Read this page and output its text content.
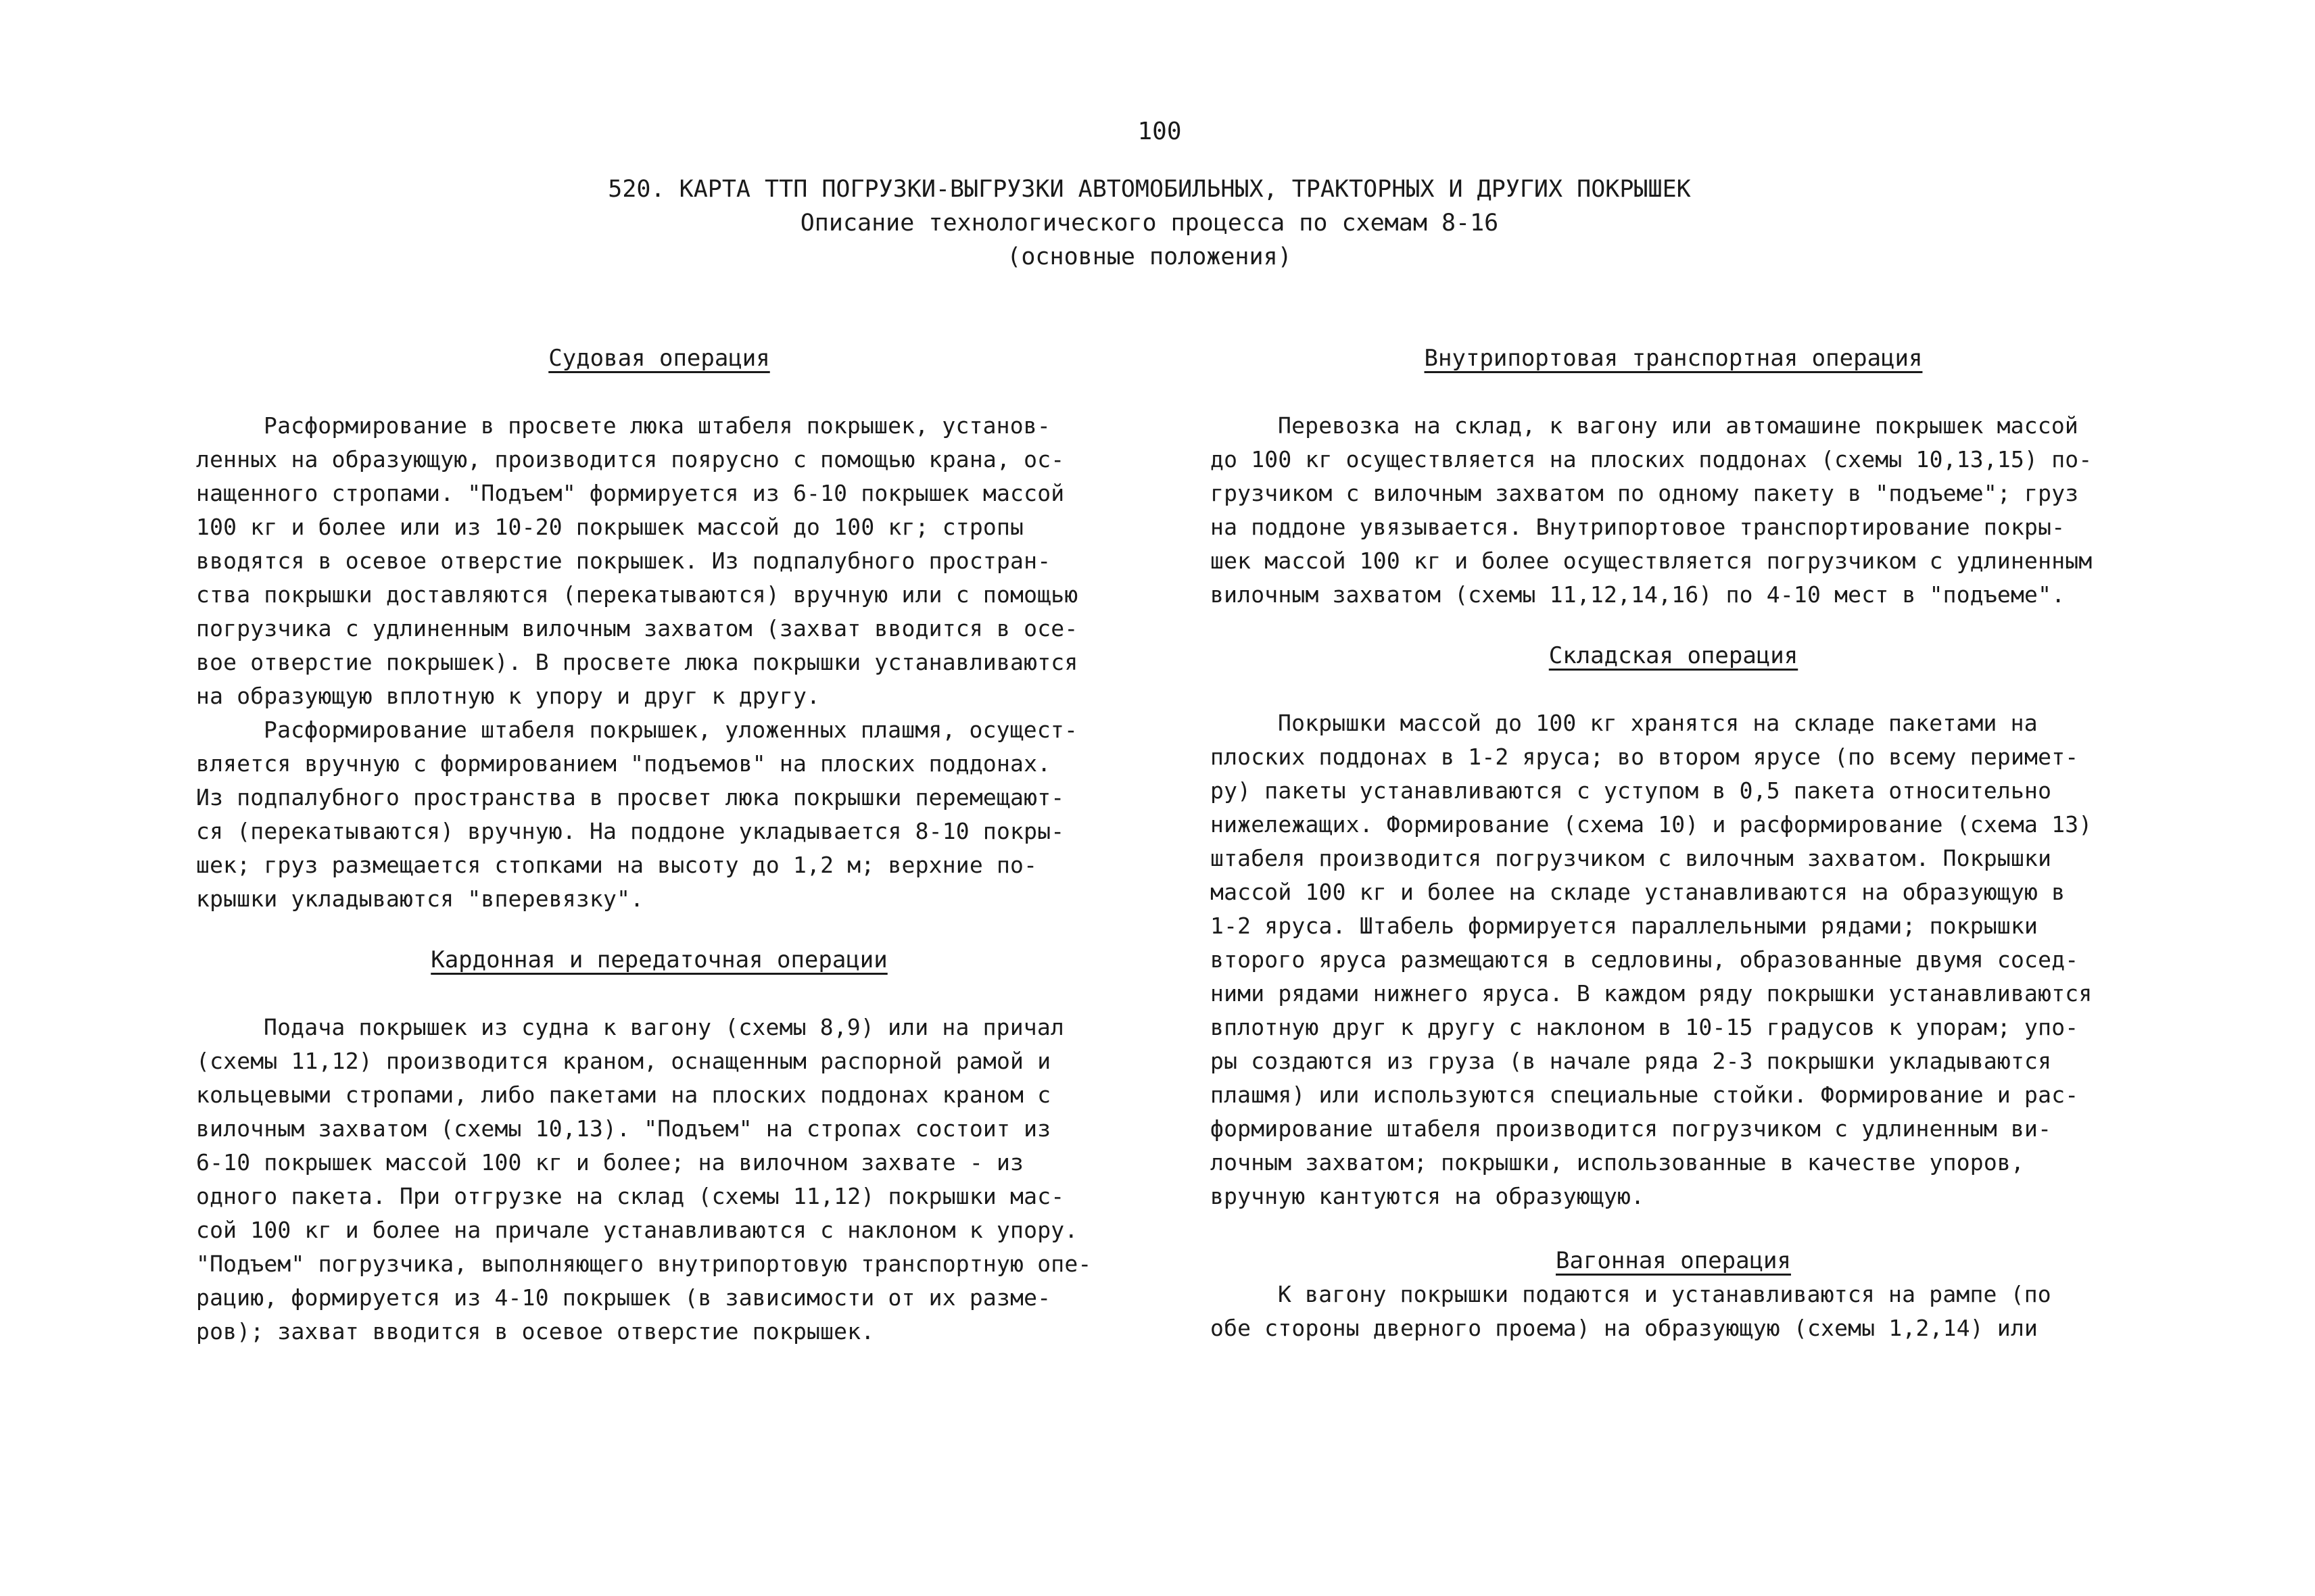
100
520. КАРТА ТТП ПОГРУЗКИ-ВЫГРУЗКИ АВТОМОБИЛЬНЫХ, ТРАКТОРНЫХ И ДРУГИХ ПОКРЫШЕК
Описание технологического процесса по схемам 8-16
(основные положения)
Судовая операция
Расформирование в просвете люка штабеля покрышек, установ-
ленных на образующую, производится поярусно с помощью крана, ос-
нащенного стропами. "Подъем" формируется из 6-10 покрышек массой
100 кг и более или из 10-20 покрышек массой до 100 кг; стропы
вводятся в осевое отверстие покрышек. Из подпалубного простран-
ства покрышки доставляются (перекатываются) вручную или с помощью
погрузчика с удлиненным вилочным захватом (захват вводится в осе-
вое отверстие покрышек). В просвете люка покрышки устанавливаются
на образующую вплотную к упору и друг к другу.
Расформирование штабеля покрышек, уложенных плашмя, осущест-
вляется вручную с формированием "подъемов" на плоских поддонах.
Из подпалубного пространства в просвет люка покрышки перемещают-
ся (перекатываются) вручную. На поддоне укладывается 8-10 покры-
шек; груз размещается стопками на высоту до 1,2 м; верхние по-
крышки укладываются "вперевязку".
Кардонная и передаточная операции
Подача покрышек из судна к вагону (схемы 8,9) или на причал
(схемы 11,12) производится краном, оснащенным распорной рамой и
кольцевыми стропами, либо пакетами на плоских поддонах краном с
вилочным захватом (схемы 10,13). "Подъем" на стропах состоит из
6-10 покрышек массой 100 кг и более; на вилочном захвате - из
одного пакета. При отгрузке на склад (схемы 11,12) покрышки мас-
сой 100 кг и более на причале устанавливаются с наклоном к упору.
"Подъем" погрузчика, выполняющего внутрипортовую транспортную опе-
рацию, формируется из 4-10 покрышек (в зависимости от их разме-
ров); захват вводится в осевое отверстие покрышек.
Внутрипортовая транспортная операция
Перевозка на склад, к вагону или автомашине покрышек массой
до 100 кг осуществляется на плоских поддонах (схемы 10,13,15) по-
грузчиком с вилочным захватом по одному пакету в "подъеме"; груз
на поддоне увязывается. Внутрипортовое транспортирование покры-
шек массой 100 кг и более осуществляется погрузчиком с удлиненным
вилочным захватом (схемы 11,12,14,16) по 4-10 мест в "подъеме".
Складская операция
Покрышки массой до 100 кг хранятся на складе пакетами на
плоских поддонах в 1-2 яруса; во втором ярусе (по всему перимет-
ру) пакеты устанавливаются с уступом в 0,5 пакета относительно
нижележащих. Формирование (схема 10) и расформирование (схема 13)
штабеля производится погрузчиком с вилочным захватом. Покрышки
массой 100 кг и более на складе устанавливаются на образующую в
1-2 яруса. Штабель формируется параллельными рядами; покрышки
второго яруса размещаются в седловины, образованные двумя сосед-
ними рядами нижнего яруса. В каждом ряду покрышки устанавливаются
вплотную друг к другу с наклоном в 10-15 градусов к упорам; упо-
ры создаются из груза (в начале ряда 2-3 покрышки укладываются
плашмя) или используются специальные стойки. Формирование и рас-
формирование штабеля производится погрузчиком с удлиненным ви-
лочным захватом; покрышки, использованные в качестве упоров,
вручную кантуются на образующую.
Вагонная операция
К вагону покрышки подаются и устанавливаются на рампе (по
обе стороны дверного проема) на образующую (схемы 1,2,14) или
